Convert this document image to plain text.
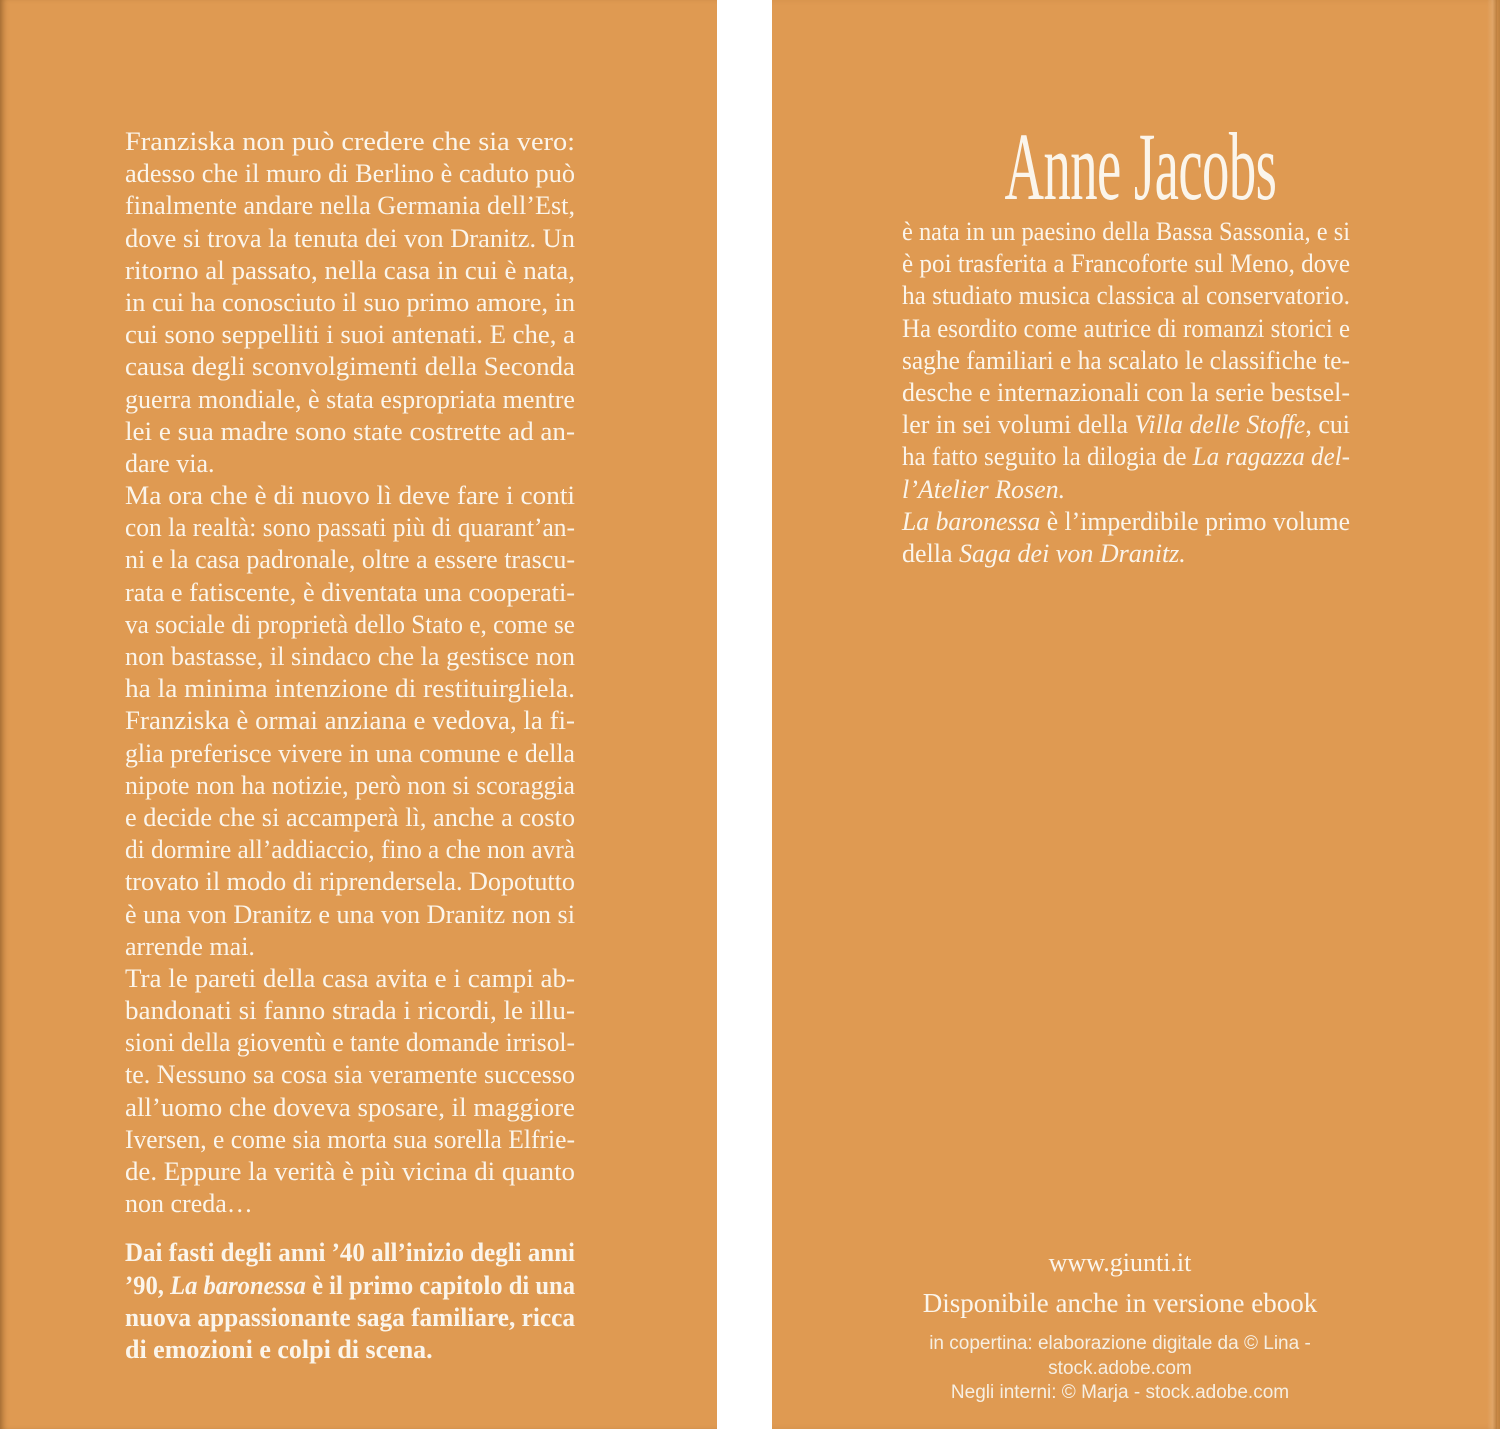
Franziska non può credere che sia vero:
adesso che il muro di Berlino è caduto può
finalmente andare nella Germania dell’Est,
dove si trova la tenuta dei von Dranitz. Un
ritorno al passato, nella casa in cui è nata,
in cui ha conosciuto il suo primo amore, in
cui sono seppelliti i suoi antenati. E che, a
causa degli sconvolgimenti della Seconda
guerra mondiale, è stata espropriata mentre
lei e sua madre sono state costrette ad an-
dare via.
Ma ora che è di nuovo lì deve fare i conti
con la realtà: sono passati più di quarant’an-
ni e la casa padronale, oltre a essere trascu-
rata e fatiscente, è diventata una cooperati-
va sociale di proprietà dello Stato e, come se
non bastasse, il sindaco che la gestisce non
ha la minima intenzione di restituirgliela.
Franziska è ormai anziana e vedova, la fi-
glia preferisce vivere in una comune e della
nipote non ha notizie, però non si scoraggia
e decide che si accamperà lì, anche a costo
di dormire all’addiaccio, fino a che non avrà
trovato il modo di riprendersela. Dopotutto
è una von Dranitz e una von Dranitz non si
arrende mai.
Tra le pareti della casa avita e i campi ab-
bandonati si fanno strada i ricordi, le illu-
sioni della gioventù e tante domande irrisol-
te. Nessuno sa cosa sia veramente successo
all’uomo che doveva sposare, il maggiore
Iversen, e come sia morta sua sorella Elfrie-
de. Eppure la verità è più vicina di quanto
non creda…
Dai fasti degli anni ’40 all’inizio degli anni
’90, La baronessa è il primo capitolo di una
nuova appassionante saga familiare, ricca
di emozioni e colpi di scena.
Anne Jacobs
è nata in un paesino della Bassa Sassonia, e si
è poi trasferita a Francoforte sul Meno, dove
ha studiato musica classica al conservatorio.
Ha esordito come autrice di romanzi storici e
saghe familiari e ha scalato le classifiche te-
desche e internazionali con la serie bestsel-
ler in sei volumi della Villa delle Stoffe, cui
ha fatto seguito la dilogia de La ragazza del-
l’Atelier Rosen.
La baronessa è l’imperdibile primo volume
della Saga dei von Dranitz.
www.giunti.it
Disponibile anche in versione ebook
in copertina: elaborazione digitale da © Lina - stock.adobe.com
Negli interni: © Marja - stock.adobe.com
